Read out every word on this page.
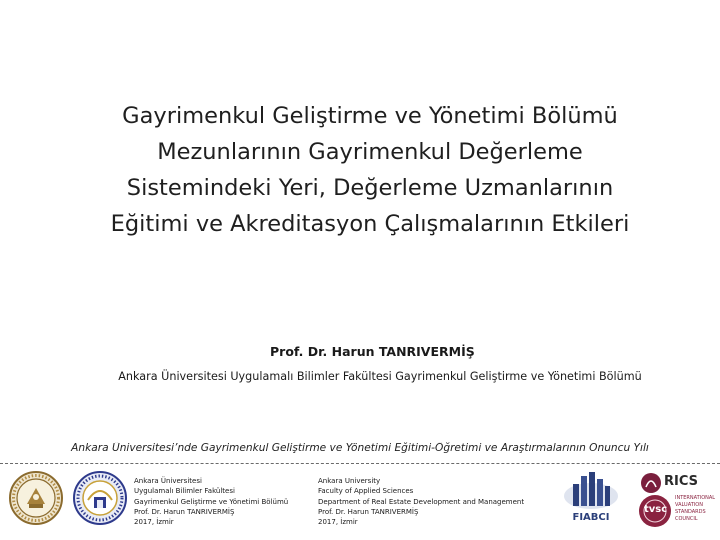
Gayrimenkul Geliştirme ve Yönetimi Bölümü
Mezunlarının Gayrimenkul Değerleme
Sistemindeki Yeri, Değerleme Uzmanlarının
Eğitimi ve Akreditasyon Çalışmalarının Etkileri
Prof. Dr. Harun TANRIVERMİŞ
Ankara Üniversitesi Uygulamalı Bilimler Fakültesi Gayrimenkul Geliştirme ve Yönetimi Bölümü
Ankara Üniversitesi’nde Gayrimenkul Geliştirme ve Yönetimi Eğitimi-Öğretimi ve Araştırmalarının Onuncu Yılı
Ankara Üniversitesi
Uygulamalı Bilimler Fakültesi
Gayrimenkul Geliştirme ve Yönetimi Bölümü
Prof. Dr. Harun TANRIVERMİŞ
2017, İzmir
Ankara University
Faculty of Applied Sciences
Department of Real Estate Development and Management
Prof. Dr. Harun TANRIVERMİŞ
2017, İzmir	FIABCI
RICS
tvsc
INTERNATIONAL
VALUATION
STANDARDS
COUNCIL
